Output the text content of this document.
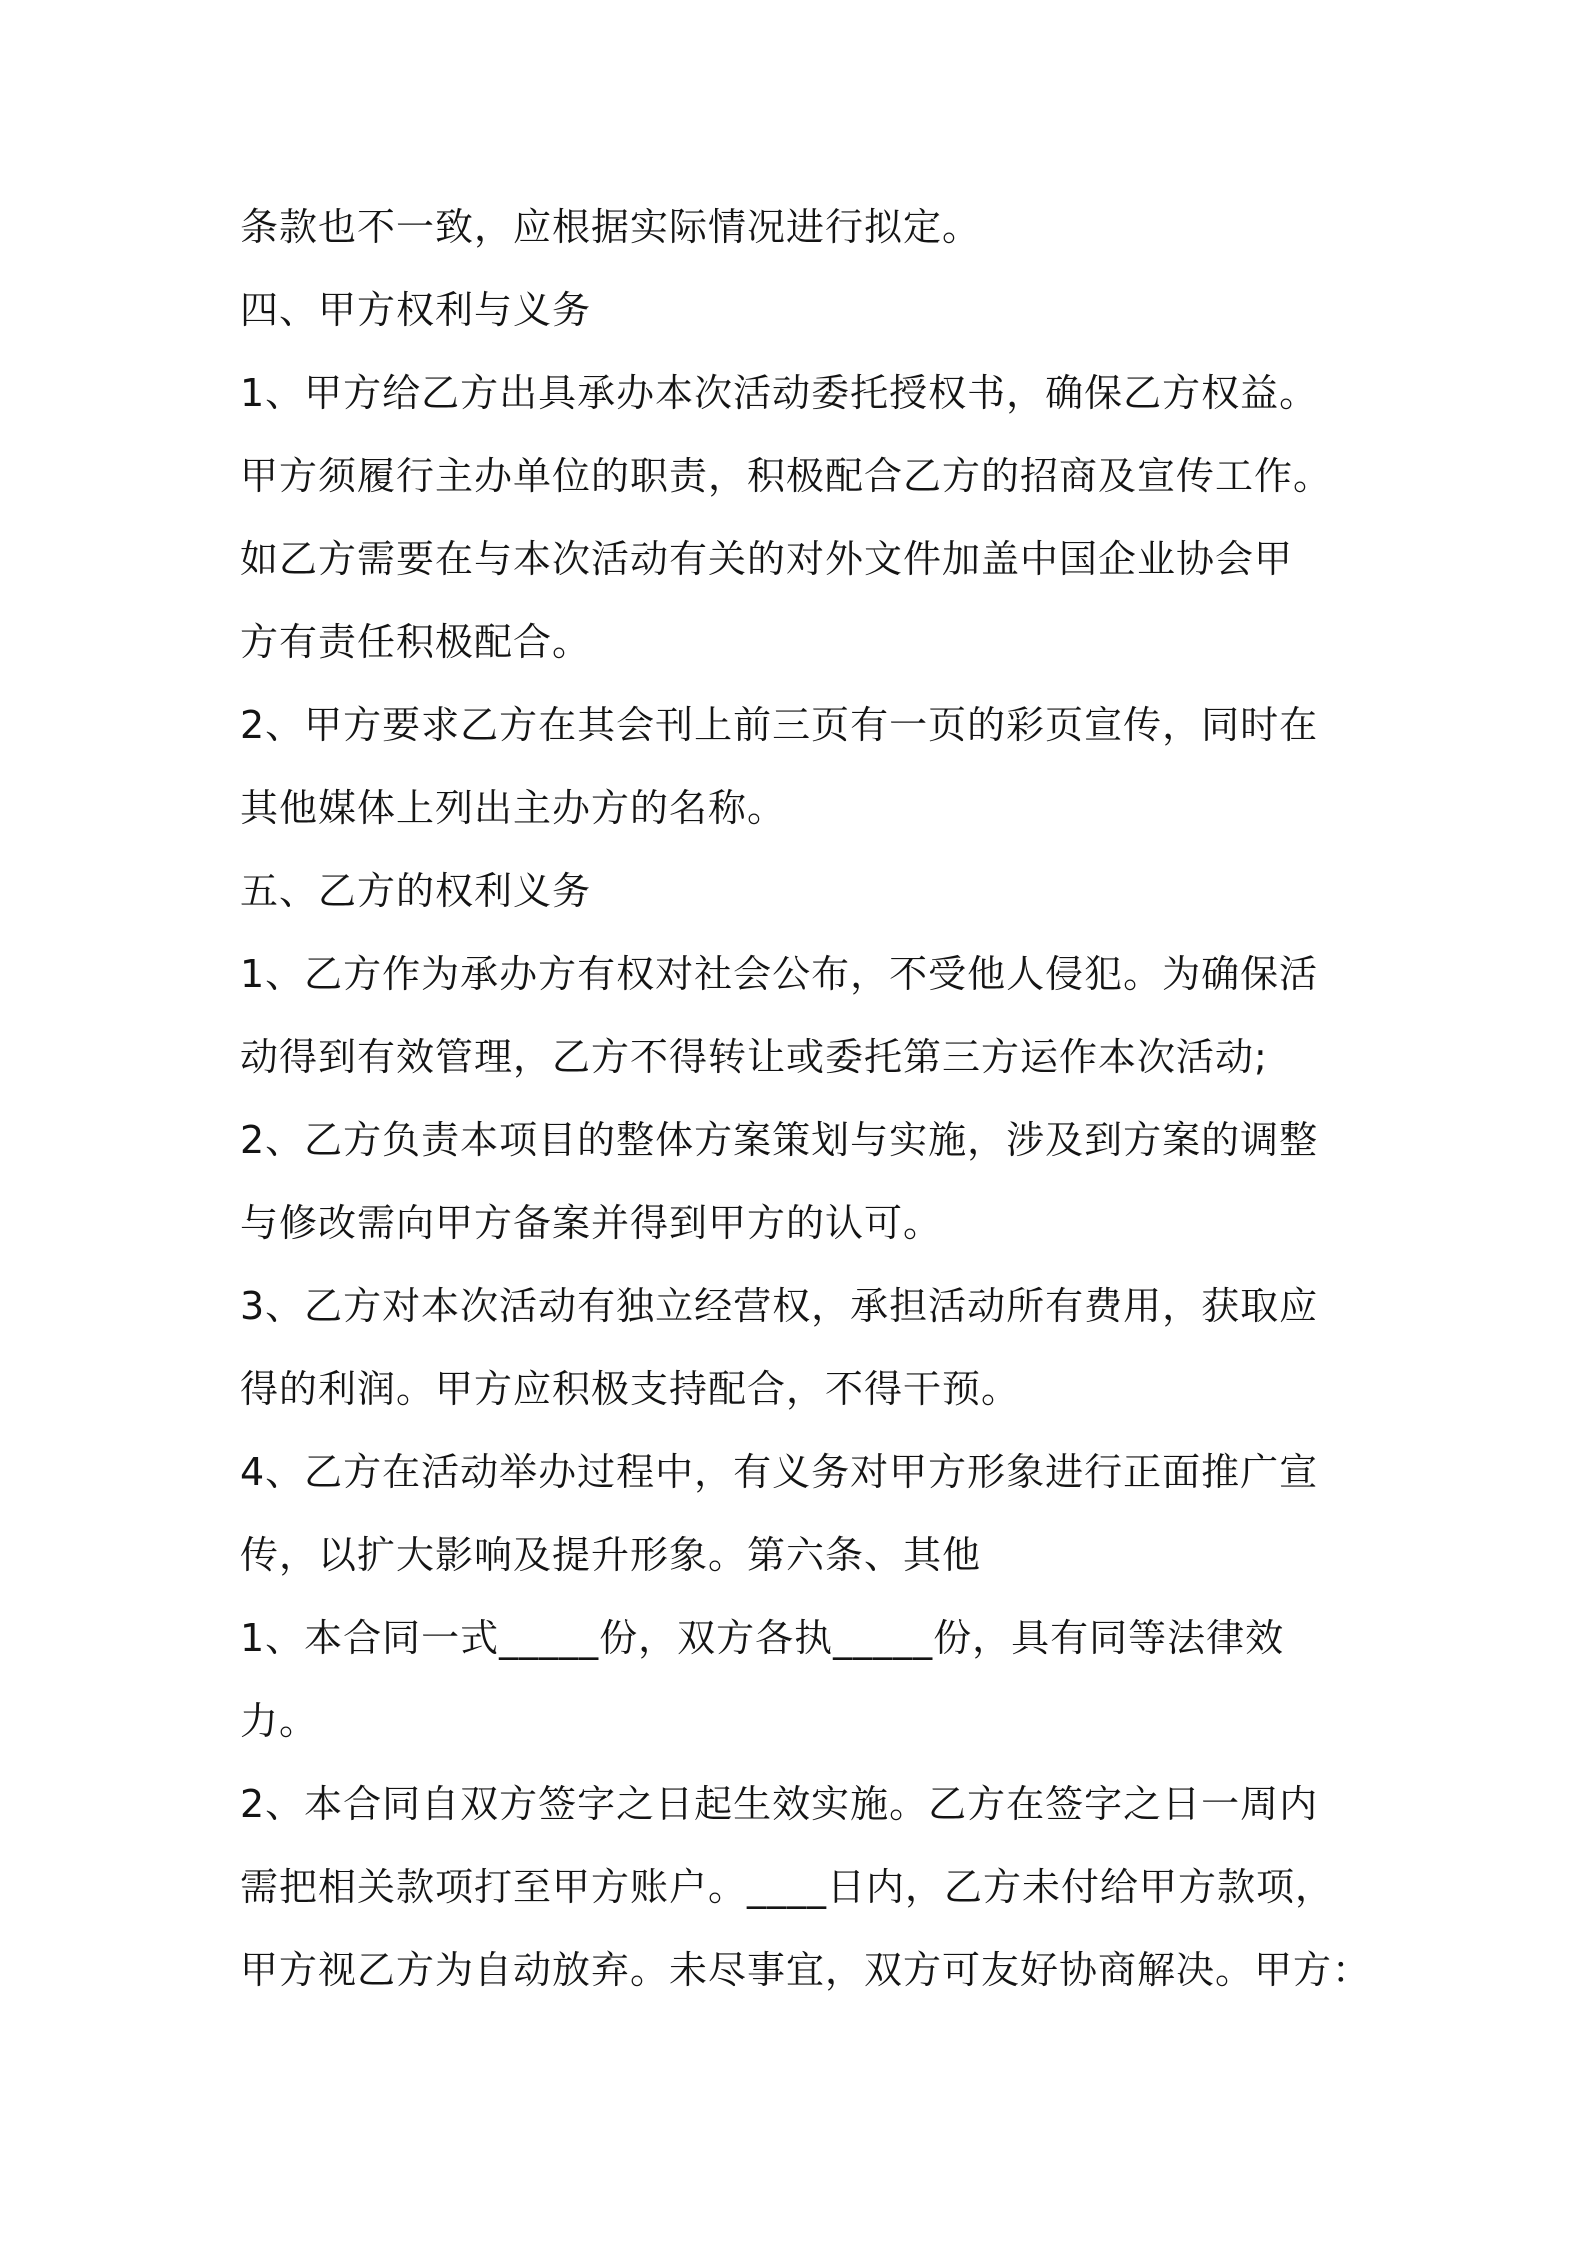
条款也不一致，应根据实际情况进行拟定。
四、甲方权利与义务
1、甲方给乙方出具承办本次活动委托授权书，确保乙方权益。
甲方须履行主办单位的职责，积极配合乙方的招商及宣传工作。
如乙方需要在与本次活动有关的对外文件加盖中国企业协会甲
方有责任积极配合。
2、甲方要求乙方在其会刊上前三页有一页的彩页宣传，同时在
其他媒体上列出主办方的名称。
五、乙方的权利义务
1、乙方作为承办方有权对社会公布，不受他人侵犯。为确保活
动得到有效管理，乙方不得转让或委托第三方运作本次活动;
2、乙方负责本项目的整体方案策划与实施，涉及到方案的调整
与修改需向甲方备案并得到甲方的认可。
3、乙方对本次活动有独立经营权，承担活动所有费用，获取应
得的利润。甲方应积极支持配合，不得干预。
4、乙方在活动举办过程中，有义务对甲方形象进行正面推广宣
传，以扩大影响及提升形象。第六条、其他
1、本合同一式_____份，双方各执_____份，具有同等法律效
力。
2、本合同自双方签字之日起生效实施。乙方在签字之日一周内
需把相关款项打至甲方账户。____日内，乙方未付给甲方款项，
甲方视乙方为自动放弃。未尽事宜，双方可友好协商解决。甲方：
